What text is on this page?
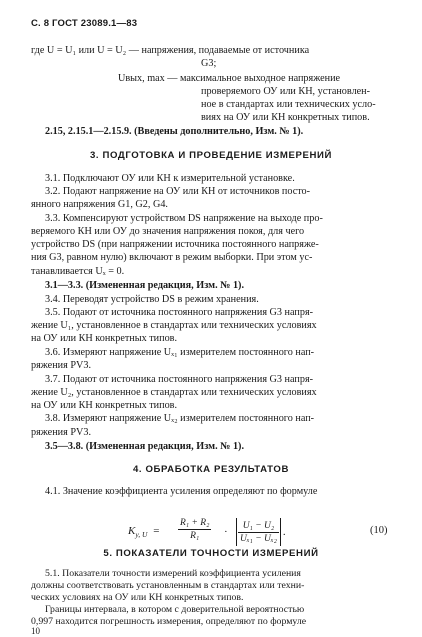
С. 8 ГОСТ 23089.1—83
где U = U₁ или U = U₂ — напряжения, подаваемые от источника
G3;
Uвых, max — максимальное выходное напряжение
проверяемого ОУ или КН, установлен-
ное в стандартах или технических усло-
виях на ОУ или КН конкретных типов.
2.15, 2.15.1—2.15.9. (Введены дополнительно, Изм. № 1).
3. ПОДГОТОВКА И ПРОВЕДЕНИЕ ИЗМЕРЕНИЙ
3.1. Подключают ОУ или КН к измерительной установке.
3.2. Подают напряжение на ОУ или КН от источников посто-
янного напряжения G1, G2, G4.
3.3. Компенсируют устройством DS напряжение на выходе про-
веряемого КН или ОУ до значения напряжения покоя, для чего
устройство DS (при напряжении источника постоянного напряже-
ния G3, равном нулю) включают в режим выборки. При этом ус-
танавливается Uₓ = 0.
3.1—3.3. (Измененная редакция, Изм. № 1).
3.4. Переводят устройство DS в режим хранения.
3.5. Подают от источника постоянного напряжения G3 напря-
жение U₁, установленное в стандартах или технических условиях
на ОУ или КН конкретных типов.
3.6. Измеряют напряжение Uₓ₁ измерителем постоянного нап-
ряжения PV3.
3.7. Подают от источника постоянного напряжения G3 напря-
жение U₂, установленное в стандартах или технических условиях
на ОУ или КН конкретных типов.
3.8. Измеряют напряжение Uₓ₂ измерителем постоянного нап-
ряжения PV3.
3.5—3.8. (Измененная редакция, Изм. № 1).
4. ОБРАБОТКА РЕЗУЛЬТАТОВ
4.1. Значение коэффициента усиления определяют по формуле
$K_{y, U}$ =	$\frac{\text{R₁ + R₂}}{\text{R₁}} \cdot \frac{\text{U₁ − U₂}}{\text{Uₓ₁ − Uₓ₂}}$ .	(10)
5. ПОКАЗАТЕЛИ ТОЧНОСТИ ИЗМЕРЕНИЙ
10
5.1. Показатели точности измерений коэффициента усиления
должны соответствовать установленным в стандартах или техни-
ческих условиях на ОУ или КН конкретных типов.
Границы интервала, в котором с доверительной вероятностью
0,997 находится погрешность измерения, определяют по формуле
